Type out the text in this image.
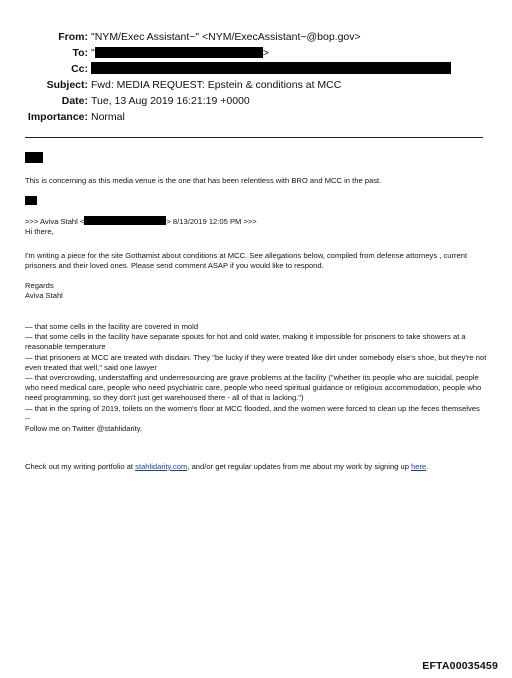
From: "NYM/Exec Assistant~" <NYM/ExecAssistant~@bop.gov>
To: "	>
Cc:
Subject: Fwd: MEDIA REQUEST: Epstein & conditions at MCC
Date: Tue, 13 Aug 2019 16:21:19 +0000
Importance: Normal

This is concerning as this media venue is the one that has been relentless with BRO and MCC in the past.

>>> Aviva Stahl <	> 8/13/2019 12:05 PM >>>

Hi there,

I'm writing a piece for the site Gothamist about conditions at MCC. See allegations below, compiled from defense attorneys , current prisoners and their loved ones. Please send comment ASAP if you would like to respond.

Regards

Aviva Stahl

— that some cells in the facility are covered in mold

— that some cells in the facility have separate spouts for hot and cold water, making it impossible for prisoners to take showers at a reasonable temperature

— that prisoners at MCC are treated with disdain. They "be lucky if they were treated like dirt under somebody else's shoe, but they're not even treated that well," said one lawyer

— that overcrowding, understaffing and underresourcing are grave problems at the facility ("whether its people who are suicidal, people who need medical care, people who need psychiatric care, people who need spiritual guidance or religious accommodation, people who need programming, so they don't just get warehoused there - all of that is lacking.")

— that in the spring of 2019, toilets on the women's floor at MCC flooded, and the women were forced to clean up the feces themselves

--

Follow me on Twitter @stahlidarity.

Check out my writing portfolio at stahlidarity.com, and/or get regular updates from me about my work by signing up here.

EFTA00035459
